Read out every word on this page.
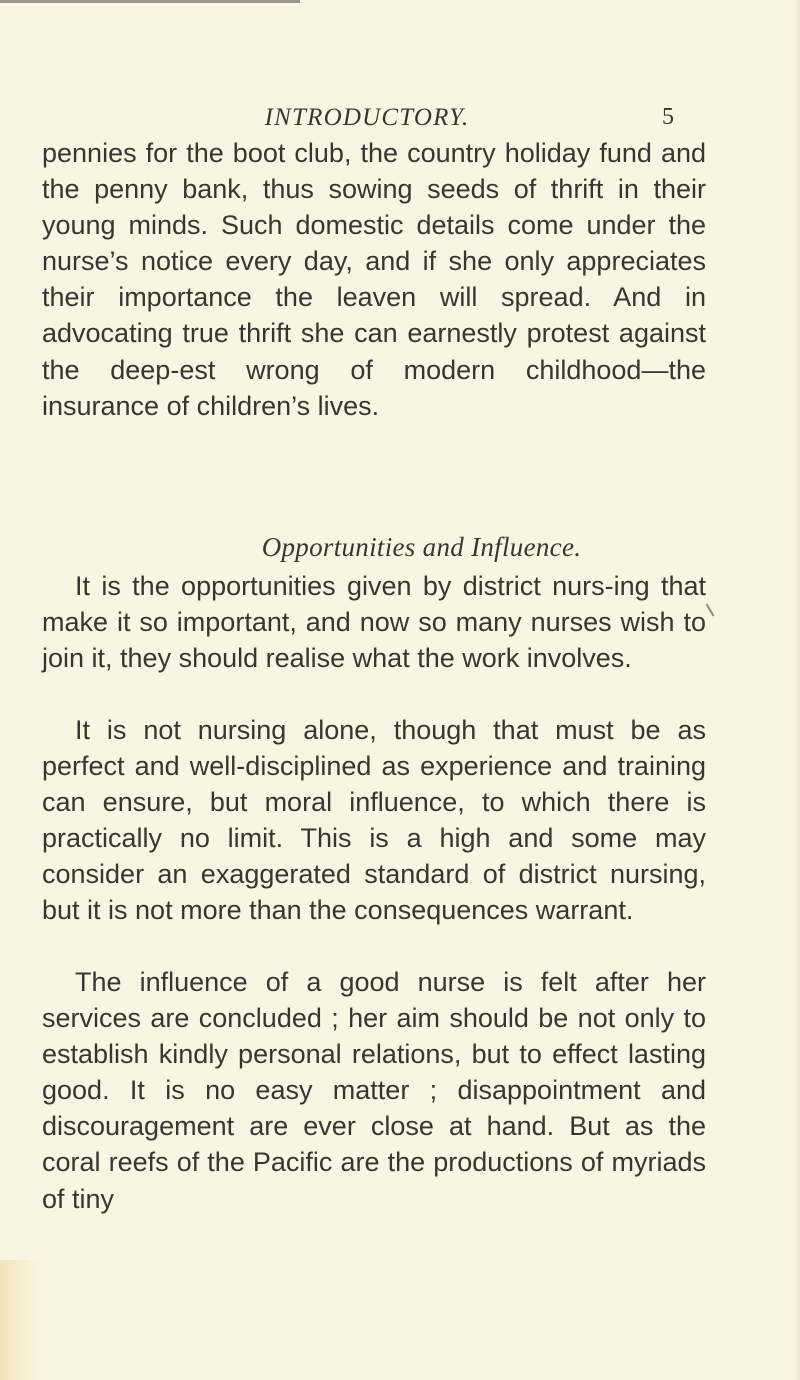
INTRODUCTORY.	5

pennies for the boot club, the country holiday fund and the penny bank, thus sowing seeds of thrift in their young minds. Such domestic details come under the nurse’s notice every day, and if she only appreciates their importance the leaven will spread. And in advocating true thrift she can earnestly protest against the deep-est wrong of modern childhood—the insurance of children’s lives.

Opportunities and Influence.

It is the opportunities given by district nurs-ing that make it so important, and now so many nurses wish to join it, they should realise what the work involves.

It is not nursing alone, though that must be as perfect and well-disciplined as experience and training can ensure, but moral influence, to which there is practically no limit. This is a high and some may consider an exaggerated standard of district nursing, but it is not more than the consequences warrant.

The influence of a good nurse is felt after her services are concluded ; her aim should be not only to establish kindly personal relations, but to effect lasting good. It is no easy matter ; disappointment and discouragement are ever close at hand. But as the coral reefs of the Pacific are the productions of myriads of tiny
